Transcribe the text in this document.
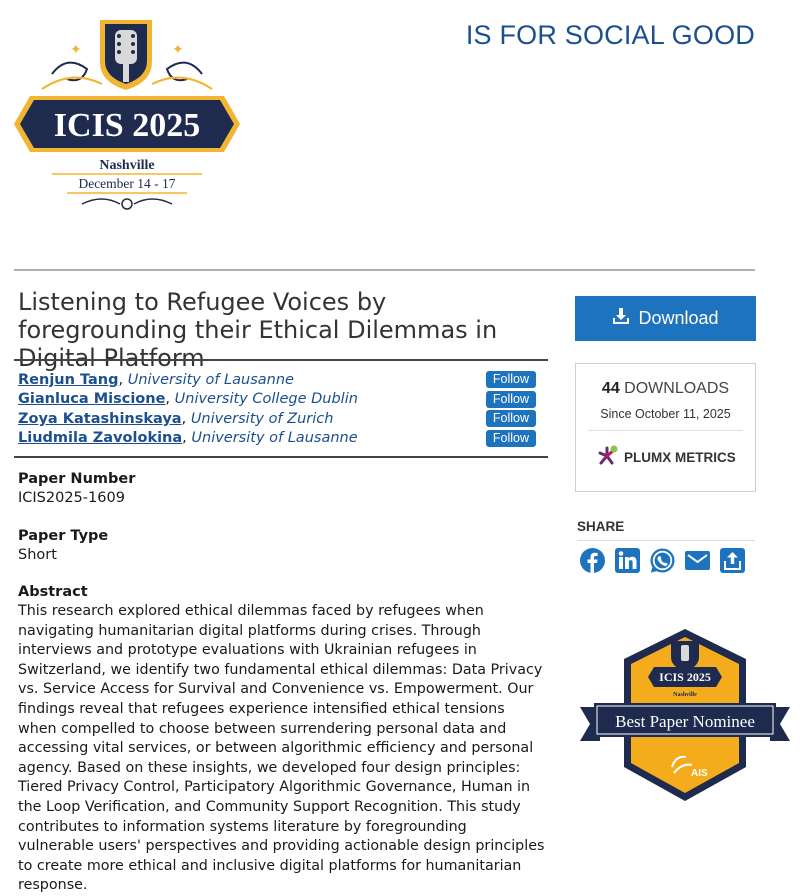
✦	✦
ICIS 2025
Nashville
December 14 - 17
IS FOR SOCIAL GOOD
Listening to Refugee Voices by foregrounding their Ethical Dilemmas in Digital Platform
Renjun Tang, University of Lausanne	Follow
Gianluca Miscione, University College Dublin	Follow
Zoya Katashinskaya, University of Zurich	Follow
Liudmila Zavolokina, University of Lausanne	Follow
Paper Number
ICIS2025-1609
Paper Type
Short
Abstract

This research explored ethical dilemmas faced by refugees when navigating humanitarian digital platforms during crises. Through interviews and prototype evaluations with Ukrainian refugees in Switzerland, we identify two fundamental ethical dilemmas: Data Privacy vs. Service Access for Survival and Convenience vs. Empowerment. Our findings reveal that refugees experience intensified ethical tensions when compelled to choose between surrendering personal data and accessing vital services, or between algorithmic efficiency and personal agency. Based on these insights, we developed four design principles: Tiered Privacy Control, Participatory Algorithmic Governance, Human in the Loop Verification, and Community Support Recognition. This study contributes to information systems literature by foregrounding vulnerable users' perspectives and providing actionable design principles to create more ethical and inclusive digital platforms for humanitarian response.

Download
44 DOWNLOADS
Since October 11, 2025
PLUMX METRICS
SHARE
ICIS 2025
Nashville
Best Paper Nominee
AIS
